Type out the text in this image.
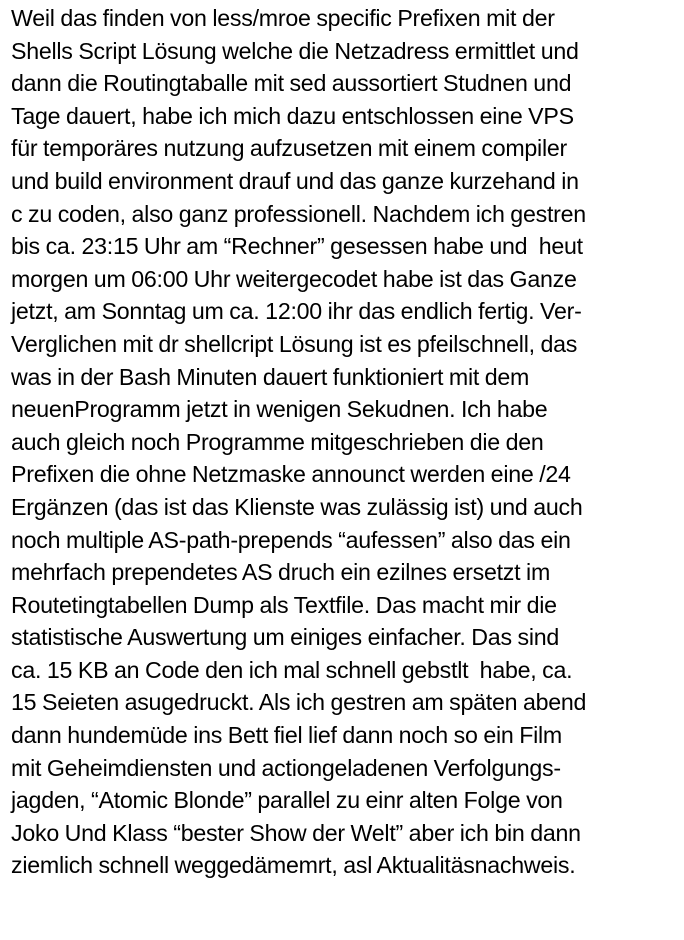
Weil das finden von less/mroe specific Prefixen mit der
Shells Script Lösung welche die Netzadress ermittlet und
dann die Routingtaballe mit sed aussortiert Studnen und
Tage dauert, habe ich mich dazu entschlossen eine VPS
für temporäres nutzung aufzusetzen mit einem compiler
und build environment drauf und das ganze kurzehand in
c zu coden, also ganz professionell. Nachdem ich gestren
bis ca. 23:15 Uhr am “Rechner” gesessen habe und  heut
morgen um 06:00 Uhr weitergecodet habe ist das Ganze
jetzt, am Sonntag um ca. 12:00 ihr das endlich fertig. Ver-
Verglichen mit dr shellcript Lösung ist es pfeilschnell, das
was in der Bash Minuten dauert funktioniert mit dem
neuenProgramm jetzt in wenigen Sekudnen. Ich habe
auch gleich noch Programme mitgeschrieben die den
Prefixen die ohne Netzmaske announct werden eine /24
Ergänzen (das ist das Klienste was zulässig ist) und auch
noch multiple AS-path-prepends “aufessen” also das ein
mehrfach prependetes AS druch ein ezilnes ersetzt im
Routetingtabellen Dump als Textfile. Das macht mir die
statistische Auswertung um einiges einfacher. Das sind
ca. 15 KB an Code den ich mal schnell gebstlt  habe, ca.
15 Seieten asugedruckt. Als ich gestren am späten abend
dann hundemüde ins Bett fiel lief dann noch so ein Film
mit Geheimdiensten und actiongeladenen Verfolgungs-
jagden, “Atomic Blonde” parallel zu einr alten Folge von
Joko Und Klass “bester Show der Welt” aber ich bin dann
ziemlich schnell weggedämemrt, asl Aktualitäsnachweis.
